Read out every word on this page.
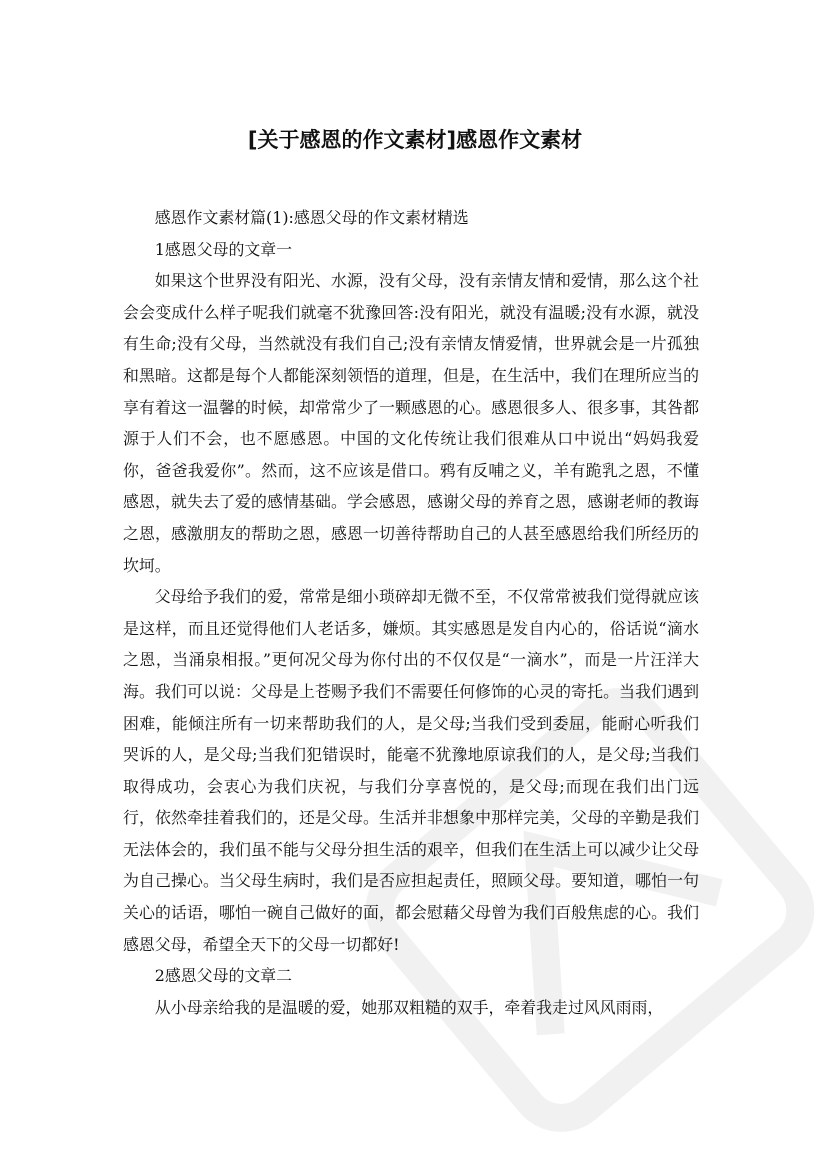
[关于感恩的作文素材]感恩作文素材

感恩作文素材篇(1):感恩父母的作文素材精选

1感恩父母的文章一

如果这个世界没有阳光、水源，没有父母，没有亲情友情和爱情，那么这个社会会变成什么样子呢我们就毫不犹豫回答:没有阳光，就没有温暖;没有水源，就没有生命;没有父母，当然就没有我们自己;没有亲情友情爱情，世界就会是一片孤独和黑暗。这都是每个人都能深刻领悟的道理，但是，在生活中，我们在理所应当的享有着这一温馨的时候，却常常少了一颗感恩的心。感恩很多人、很多事，其咎都源于人们不会，也不愿感恩。中国的文化传统让我们很难从口中说出“妈妈我爱你，爸爸我爱你”。然而，这不应该是借口。鸦有反哺之义，羊有跪乳之恩，不懂感恩，就失去了爱的感情基础。学会感恩，感谢父母的养育之恩，感谢老师的教诲之恩，感激朋友的帮助之恩，感恩一切善待帮助自己的人甚至感恩给我们所经历的坎坷。

父母给予我们的爱，常常是细小琐碎却无微不至，不仅常常被我们觉得就应该是这样，而且还觉得他们人老话多，嫌烦。其实感恩是发自内心的，俗话说“滴水之恩，当涌泉相报。”更何况父母为你付出的不仅仅是“一滴水”，而是一片汪洋大海。我们可以说：父母是上苍赐予我们不需要任何修饰的心灵的寄托。当我们遇到困难，能倾注所有一切来帮助我们的人，是父母;当我们受到委屈，能耐心听我们哭诉的人，是父母;当我们犯错误时，能毫不犹豫地原谅我们的人，是父母;当我们取得成功，会衷心为我们庆祝，与我们分享喜悦的，是父母;而现在我们出门远行，依然牵挂着我们的，还是父母。生活并非想象中那样完美，父母的辛勤是我们无法体会的，我们虽不能与父母分担生活的艰辛，但我们在生活上可以减少让父母为自己操心。当父母生病时，我们是否应担起责任，照顾父母。要知道，哪怕一句关心的话语，哪怕一碗自己做好的面，都会慰藉父母曾为我们百般焦虑的心。我们感恩父母，希望全天下的父母一切都好!

2感恩父母的文章二

从小母亲给我的是温暖的爱，她那双粗糙的双手，牵着我走过风风雨雨，
